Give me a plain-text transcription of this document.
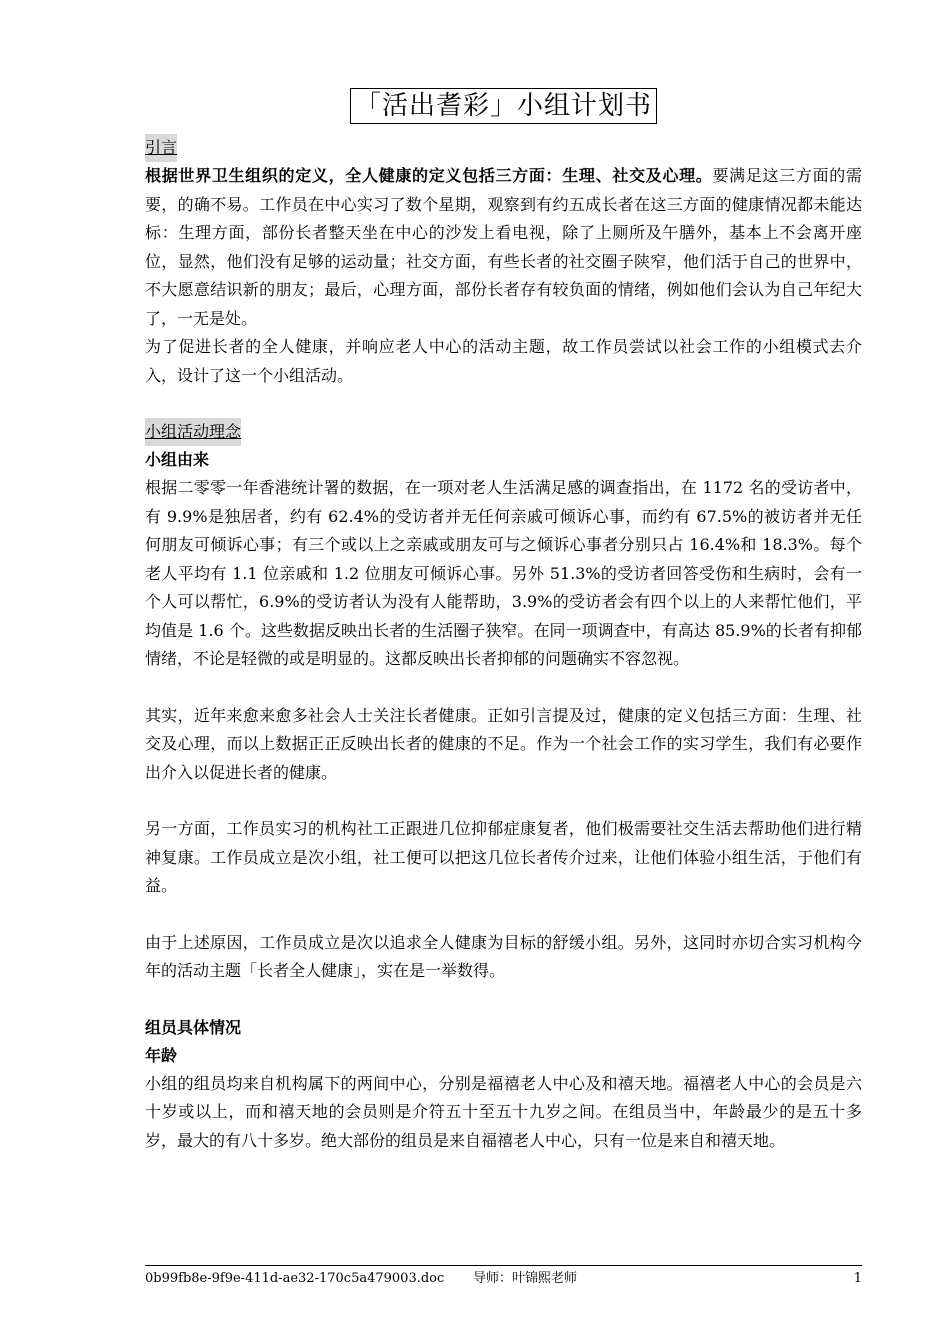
「活出耆彩」小组计划书
引言

根据世界卫生组织的定义，全人健康的定义包括三方面：生理、社交及心理。要满足这三方面的需要，的确不易。工作员在中心实习了数个星期，观察到有约五成长者在这三方面的健康情况都未能达标：生理方面，部份长者整天坐在中心的沙发上看电视，除了上厕所及午膳外，基本上不会离开座位，显然，他们没有足够的运动量；社交方面，有些长者的社交圈子陕窄，他们活于自己的世界中，不大愿意结识新的朋友；最后，心理方面，部份长者存有较负面的情绪，例如他们会认为自己年纪大了，一无是处。

为了促进长者的全人健康，并响应老人中心的活动主题，故工作员尝试以社会工作的小组模式去介入，设计了这一个小组活动。

小组活动理念
小组由来

根据二零零一年香港统计署的数据，在一项对老人生活满足感的调查指出，在 1172 名的受访者中，有 9.9%是独居者，约有 62.4%的受访者并无任何亲戚可倾诉心事，而约有 67.5%的被访者并无任何朋友可倾诉心事；有三个或以上之亲戚或朋友可与之倾诉心事者分别只占 16.4%和 18.3%。每个老人平均有 1.1 位亲戚和 1.2 位朋友可倾诉心事。另外 51.3%的受访者回答受伤和生病时，会有一个人可以帮忙，6.9%的受访者认为没有人能帮助，3.9%的受访者会有四个以上的人来帮忙他们，平均值是 1.6 个。这些数据反映出长者的生活圈子狭窄。在同一项调查中，有高达 85.9%的长者有抑郁情绪，不论是轻微的或是明显的。这都反映出长者抑郁的问题确实不容忽视。

其实，近年来愈来愈多社会人士关注长者健康。正如引言提及过，健康的定义包括三方面：生理、社交及心理，而以上数据正正反映出长者的健康的不足。作为一个社会工作的实习学生，我们有必要作出介入以促进长者的健康。

另一方面，工作员实习的机构社工正跟进几位抑郁症康复者，他们极需要社交生活去帮助他们进行精神复康。工作员成立是次小组，社工便可以把这几位长者传介过来，让他们体验小组生活，于他们有益。

由于上述原因，工作员成立是次以追求全人健康为目标的舒缓小组。另外，这同时亦切合实习机构今年的活动主题「长者全人健康」，实在是一举数得。

组员具体情况
年龄

小组的组员均来自机构属下的两间中心，分别是福禧老人中心及和禧天地。福禧老人中心的会员是六十岁或以上，而和禧天地的会员则是介符五十至五十九岁之间。在组员当中，年龄最少的是五十多岁，最大的有八十多岁。绝大部份的组员是来自福禧老人中心，只有一位是来自和禧天地。

0b99fb8e-9f9e-411d-ae32-170c5a479003.doc 导师：叶锦熙老师	1
